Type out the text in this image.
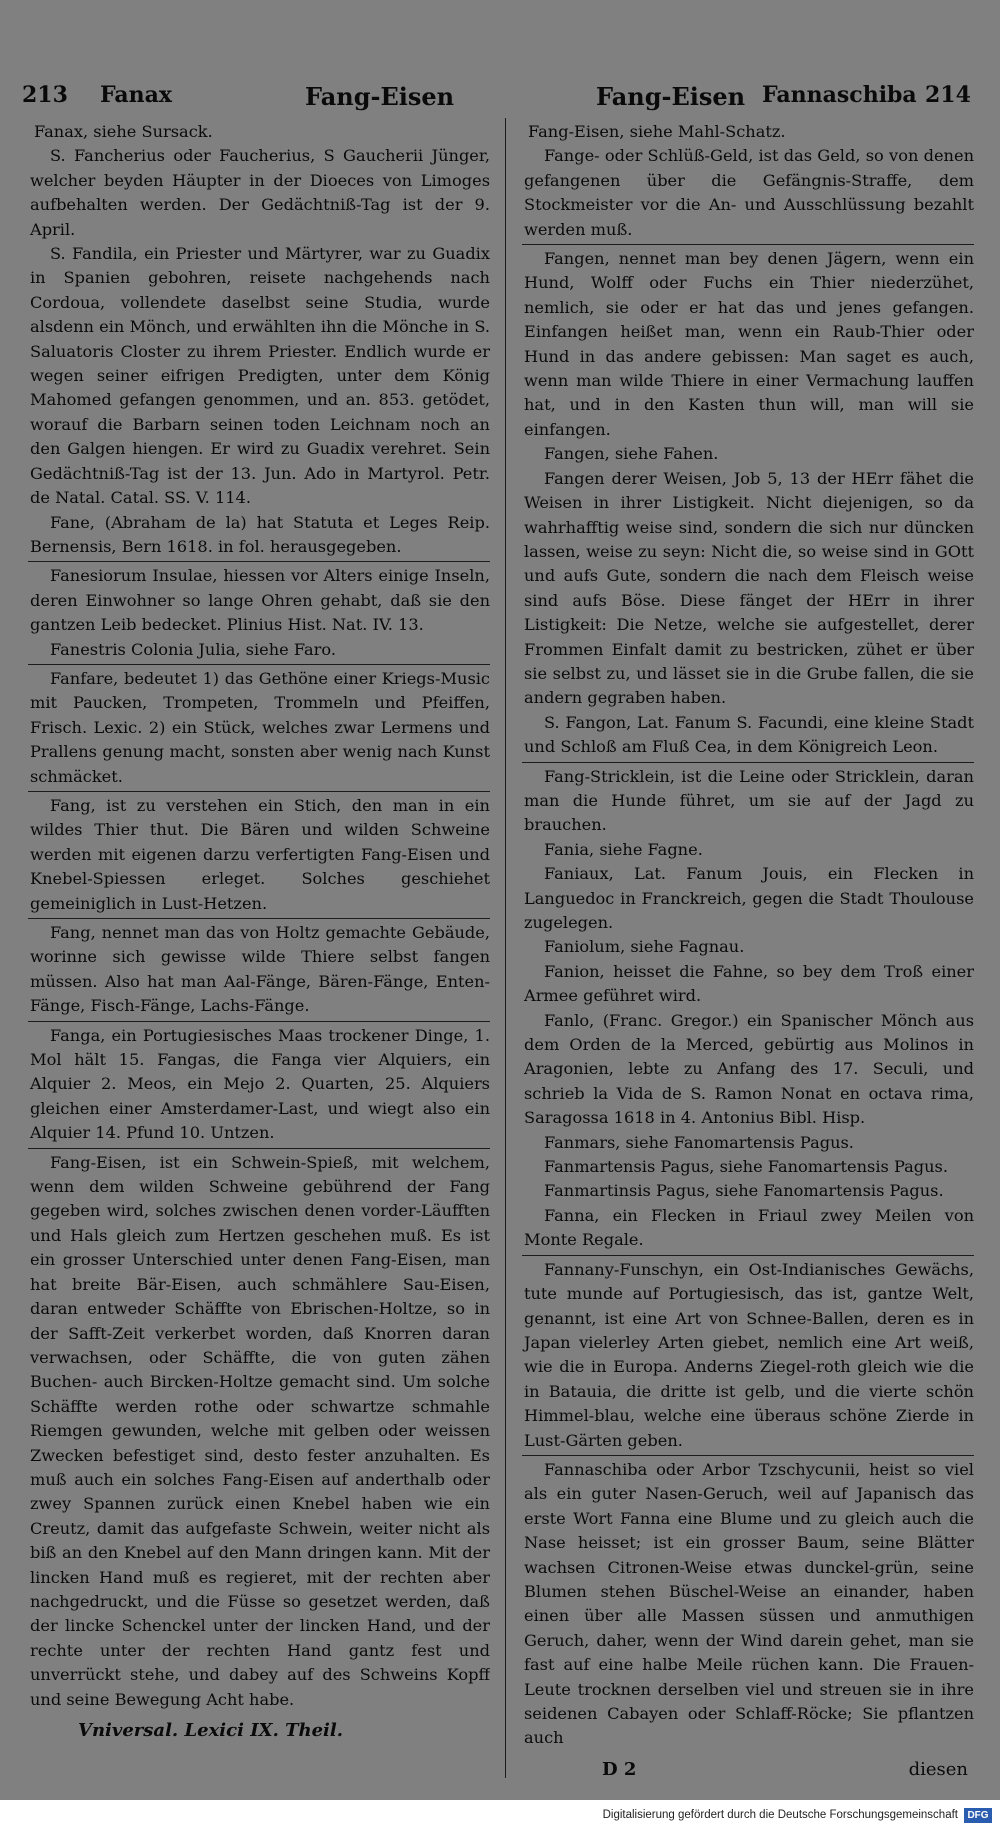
213 Fanax	Fang-Eisen	Fang-Eisen Fannaschiba 214

Fanax, siehe Sursack.

S. Fancherius oder Faucherius, S Gaucherii Jünger, welcher beyden Häupter in der Dioeces von Limoges aufbehalten werden. Der Gedächtniß-Tag ist der 9. April.

S. Fandila, ein Priester und Märtyrer, war zu Guadix in Spanien gebohren, reisete nachgehends nach Cordoua, vollendete daselbst seine Studia, wurde alsdenn ein Mönch, und erwählten ihn die Mönche in S. Saluatoris Closter zu ihrem Priester. Endlich wurde er wegen seiner eifrigen Predigten, unter dem König Mahomed gefangen genommen, und an. 853. getödet, worauf die Barbarn seinen toden Leichnam noch an den Galgen hiengen. Er wird zu Guadix verehret. Sein Gedächtniß-Tag ist der 13. Jun. Ado in Martyrol. Petr. de Natal. Catal. SS. V. 114.

Fane, (Abraham de la) hat Statuta et Leges Reip. Bernensis, Bern 1618. in fol. herausgegeben.

Fanesiorum Insulae, hiessen vor Alters einige Inseln, deren Einwohner so lange Ohren gehabt, daß sie den gantzen Leib bedecket. Plinius Hist. Nat. IV. 13.

Fanestris Colonia Julia, siehe Faro.

Fanfare, bedeutet 1) das Gethöne einer Kriegs-Music mit Paucken, Trompeten, Trommeln und Pfeiffen, Frisch. Lexic. 2) ein Stück, welches zwar Lermens und Prallens genung macht, sonsten aber wenig nach Kunst schmäcket.

Fang, ist zu verstehen ein Stich, den man in ein wildes Thier thut. Die Bären und wilden Schweine werden mit eigenen darzu verfertigten Fang-Eisen und Knebel-Spiessen erleget. Solches geschiehet gemeiniglich in Lust-Hetzen.

Fang, nennet man das von Holtz gemachte Gebäude, worinne sich gewisse wilde Thiere selbst fangen müssen. Also hat man Aal-Fänge, Bären-Fänge, Enten-Fänge, Fisch-Fänge, Lachs-Fänge.

Fanga, ein Portugiesisches Maas trockener Dinge, 1. Mol hält 15. Fangas, die Fanga vier Alquiers, ein Alquier 2. Meos, ein Mejo 2. Quarten, 25. Alquiers gleichen einer Amsterdamer-Last, und wiegt also ein Alquier 14. Pfund 10. Untzen.

Fang-Eisen, ist ein Schwein-Spieß, mit welchem, wenn dem wilden Schweine gebührend der Fang gegeben wird, solches zwischen denen vorder-Läufften und Hals gleich zum Hertzen geschehen muß. Es ist ein grosser Unterschied unter denen Fang-Eisen, man hat breite Bär-Eisen, auch schmählere Sau-Eisen, daran entweder Schäffte von Ebrischen-Holtze, so in der Safft-Zeit verkerbet worden, daß Knorren daran verwachsen, oder Schäffte, die von guten zähen Buchen- auch Bircken-Holtze gemacht sind. Um solche Schäffte werden rothe oder schwartze schmahle Riemgen gewunden, welche mit gelben oder weissen Zwecken befestiget sind, desto fester anzuhalten. Es muß auch ein solches Fang-Eisen auf anderthalb oder zwey Spannen zurück einen Knebel haben wie ein Creutz, damit das aufgefaste Schwein, weiter nicht als biß an den Knebel auf den Mann dringen kann. Mit der lincken Hand muß es regieret, mit der rechten aber nachgedruckt, und die Füsse so gesetzet werden, daß der lincke Schenckel unter der lincken Hand, und der rechte unter der rechten Hand gantz fest und unverrückt stehe, und dabey auf des Schweins Kopff und seine Bewegung Acht habe.

Vniversal. Lexici IX. Theil.

Fang-Eisen, siehe Mahl-Schatz.

Fange- oder Schlüß-Geld, ist das Geld, so von denen gefangenen über die Gefängnis-Straffe, dem Stockmeister vor die An- und Ausschlüssung bezahlt werden muß.

Fangen, nennet man bey denen Jägern, wenn ein Hund, Wolff oder Fuchs ein Thier niederzühet, nemlich, sie oder er hat das und jenes gefangen. Einfangen heißet man, wenn ein Raub-Thier oder Hund in das andere gebissen: Man saget es auch, wenn man wilde Thiere in einer Vermachung lauffen hat, und in den Kasten thun will, man will sie einfangen.

Fangen, siehe Fahen.

Fangen derer Weisen, Job 5, 13 der HErr fähet die Weisen in ihrer Listigkeit. Nicht diejenigen, so da wahrhafftig weise sind, sondern die sich nur düncken lassen, weise zu seyn: Nicht die, so weise sind in GOtt und aufs Gute, sondern die nach dem Fleisch weise sind aufs Böse. Diese fänget der HErr in ihrer Listigkeit: Die Netze, welche sie aufgestellet, derer Frommen Einfalt damit zu bestricken, zühet er über sie selbst zu, und lässet sie in die Grube fallen, die sie andern gegraben haben.

S. Fangon, Lat. Fanum S. Facundi, eine kleine Stadt und Schloß am Fluß Cea, in dem Königreich Leon.

Fang-Stricklein, ist die Leine oder Stricklein, daran man die Hunde führet, um sie auf der Jagd zu brauchen.

Fania, siehe Fagne.

Faniaux, Lat. Fanum Jouis, ein Flecken in Languedoc in Franckreich, gegen die Stadt Thoulouse zugelegen.

Faniolum, siehe Fagnau.

Fanion, heisset die Fahne, so bey dem Troß einer Armee geführet wird.

Fanlo, (Franc. Gregor.) ein Spanischer Mönch aus dem Orden de la Merced, gebürtig aus Molinos in Aragonien, lebte zu Anfang des 17. Seculi, und schrieb la Vida de S. Ramon Nonat en octava rima, Saragossa 1618 in 4. Antonius Bibl. Hisp.

Fanmars, siehe Fanomartensis Pagus.

Fanmartensis Pagus, siehe Fanomartensis Pagus.

Fanmartinsis Pagus, siehe Fanomartensis Pagus.

Fanna, ein Flecken in Friaul zwey Meilen von Monte Regale.

Fannany-Funschyn, ein Ost-Indianisches Gewächs, tute munde auf Portugiesisch, das ist, gantze Welt, genannt, ist eine Art von Schnee-Ballen, deren es in Japan vielerley Arten giebet, nemlich eine Art weiß, wie die in Europa. Anderns Ziegel-roth gleich wie die in Batauia, die dritte ist gelb, und die vierte schön Himmel-blau, welche eine überaus schöne Zierde in Lust-Gärten geben.

Fannaschiba oder Arbor Tzschycunii, heist so viel als ein guter Nasen-Geruch, weil auf Japanisch das erste Wort Fanna eine Blume und zu gleich auch die Nase heisset; ist ein grosser Baum, seine Blätter wachsen Citronen-Weise etwas dunckel-grün, seine Blumen stehen Büschel-Weise an einander, haben einen über alle Massen süssen und anmuthigen Geruch, daher, wenn der Wind darein gehet, man sie fast auf eine halbe Meile rüchen kann. Die Frauen-Leute trocknen derselben viel und streuen sie in ihre seidenen Cabayen oder Schlaff-Röcke; Sie pflantzen auch

D 2	diesen
Digitalisierung gefördert durch die Deutsche Forschungsgemeinschaft DFG
